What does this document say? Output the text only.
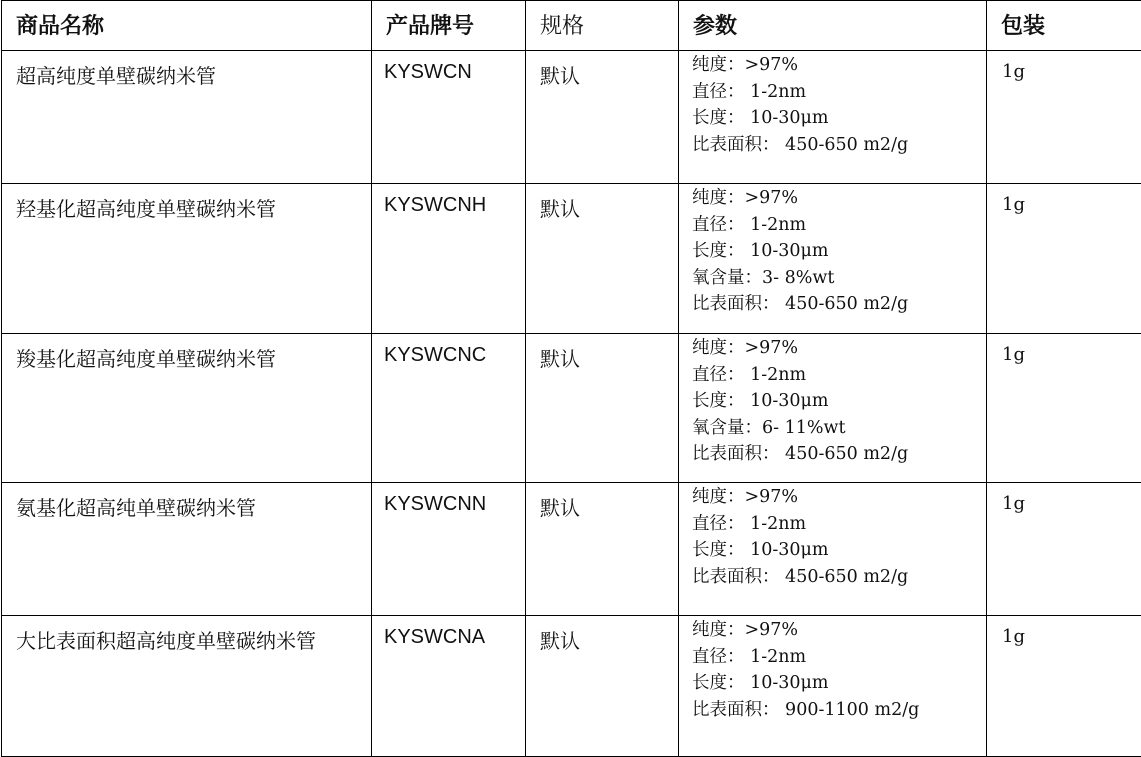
商品名称	产品牌号	规格	参数	包装
超高纯度单壁碳纳米管	KYSWCN	默认	纯度：>97%
直径： 1-2nm
长度： 10-30μm
比表面积： 450-650 m2/g	1g
羟基化超高纯度单壁碳纳米管	KYSWCNH	默认	纯度：>97%
直径： 1-2nm
长度： 10-30μm
氧含量：3- 8%wt
比表面积： 450-650 m2/g	1g
羧基化超高纯度单壁碳纳米管	KYSWCNC	默认	纯度：>97%
直径： 1-2nm
长度： 10-30μm
氧含量：6- 11%wt
比表面积： 450-650 m2/g	1g
氨基化超高纯单壁碳纳米管	KYSWCNN	默认	纯度：>97%
直径： 1-2nm
长度： 10-30μm
比表面积： 450-650 m2/g	1g
大比表面积超高纯度单壁碳纳米管	KYSWCNA	默认	纯度：>97%
直径： 1-2nm
长度： 10-30μm
比表面积： 900-1100 m2/g	1g
